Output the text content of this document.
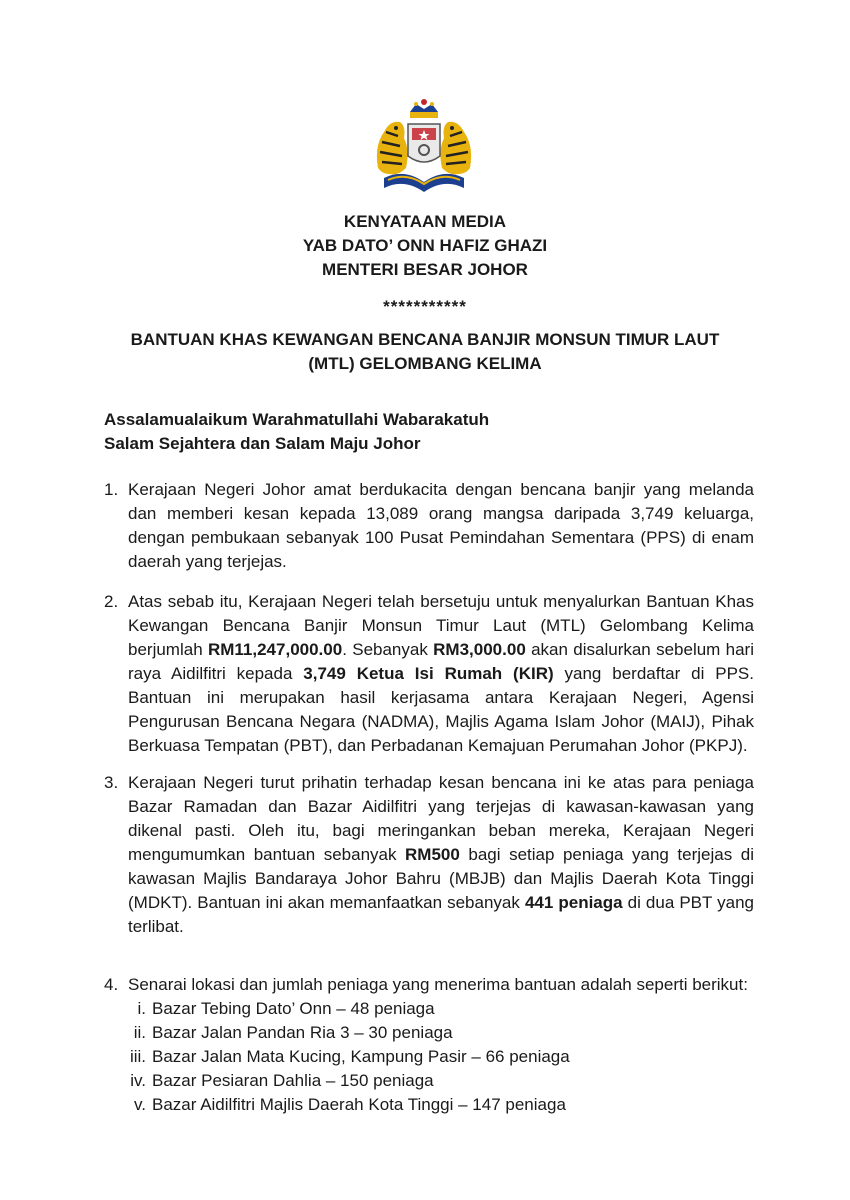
KENYATAAN MEDIA
YAB DATO’ ONN HAFIZ GHAZI
MENTERI BESAR JOHOR
***********
BANTUAN KHAS KEWANGAN BENCANA BANJIR MONSUN TIMUR LAUT
(MTL) GELOMBANG KELIMA
Assalamualaikum Warahmatullahi Wabarakatuh
Salam Sejahtera dan Salam Maju Johor
1. Kerajaan Negeri Johor amat berdukacita dengan bencana banjir yang melanda dan memberi kesan kepada 13,089 orang mangsa daripada 3,749 keluarga, dengan pembukaan sebanyak 100 Pusat Pemindahan Sementara (PPS) di enam daerah yang terjejas.
2. Atas sebab itu, Kerajaan Negeri telah bersetuju untuk menyalurkan Bantuan Khas Kewangan Bencana Banjir Monsun Timur Laut (MTL) Gelombang Kelima berjumlah RM11,247,000.00. Sebanyak RM3,000.00 akan disalurkan sebelum hari raya Aidilfitri kepada 3,749 Ketua Isi Rumah (KIR) yang berdaftar di PPS. Bantuan ini merupakan hasil kerjasama antara Kerajaan Negeri, Agensi Pengurusan Bencana Negara (NADMA), Majlis Agama Islam Johor (MAIJ), Pihak Berkuasa Tempatan (PBT), dan Perbadanan Kemajuan Perumahan Johor (PKPJ).
3. Kerajaan Negeri turut prihatin terhadap kesan bencana ini ke atas para peniaga Bazar Ramadan dan Bazar Aidilfitri yang terjejas di kawasan-kawasan yang dikenal pasti. Oleh itu, bagi meringankan beban mereka, Kerajaan Negeri mengumumkan bantuan sebanyak RM500 bagi setiap peniaga yang terjejas di kawasan Majlis Bandaraya Johor Bahru (MBJB) dan Majlis Daerah Kota Tinggi (MDKT). Bantuan ini akan memanfaatkan sebanyak 441 peniaga di dua PBT yang terlibat.
4. Senarai lokasi dan jumlah peniaga yang menerima bantuan adalah seperti berikut:
i. Bazar Tebing Dato’ Onn – 48 peniaga
ii. Bazar Jalan Pandan Ria 3 – 30 peniaga
iii. Bazar Jalan Mata Kucing, Kampung Pasir – 66 peniaga
iv. Bazar Pesiaran Dahlia – 150 peniaga
v. Bazar Aidilfitri Majlis Daerah Kota Tinggi – 147 peniaga
